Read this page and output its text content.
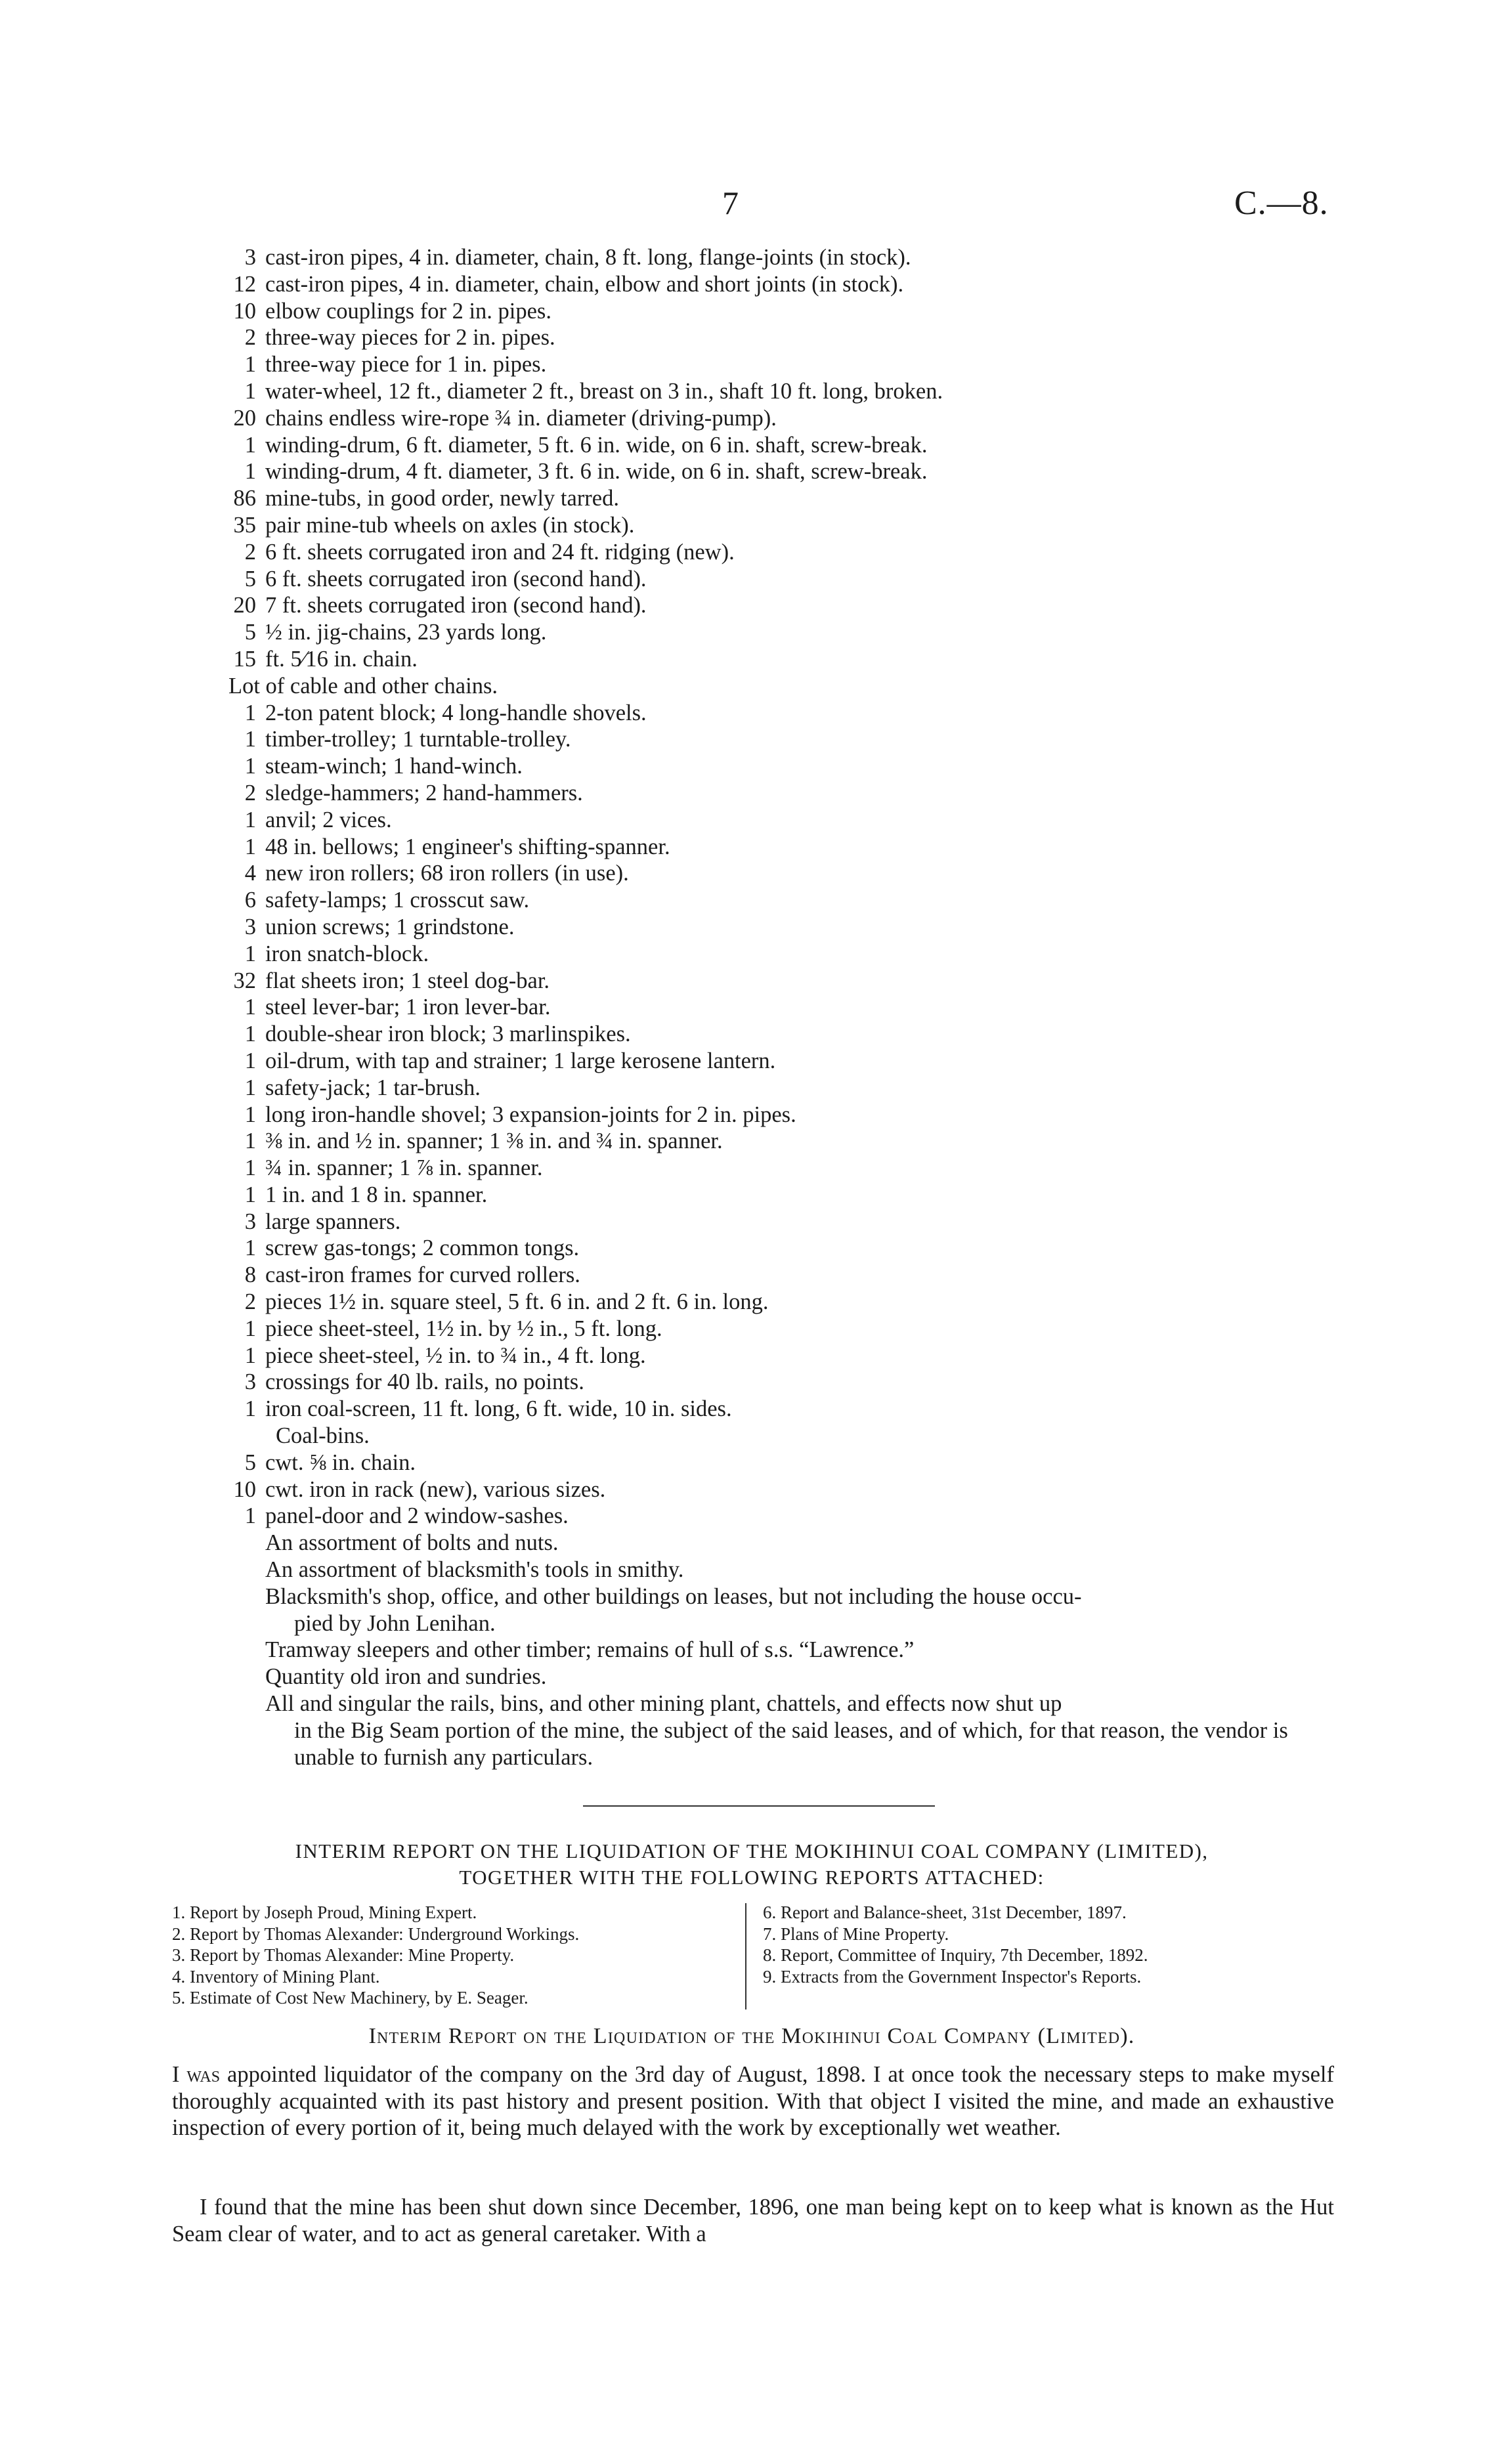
7	C.—8.
3 cast-iron pipes, 4 in. diameter, chain, 8 ft. long, flange-joints (in stock).
12 cast-iron pipes, 4 in. diameter, chain, elbow and short joints (in stock).
10 elbow couplings for 2 in. pipes.
2 three-way pieces for 2 in. pipes.
1 three-way piece for 1 in. pipes.
1 water-wheel, 12 ft., diameter 2 ft., breast on 3 in., shaft 10 ft. long, broken.
20 chains endless wire-rope ¾ in. diameter (driving-pump).
1 winding-drum, 6 ft. diameter, 5 ft. 6 in. wide, on 6 in. shaft, screw-break.
1 winding-drum, 4 ft. diameter, 3 ft. 6 in. wide, on 6 in. shaft, screw-break.
86 mine-tubs, in good order, newly tarred.
35 pair mine-tub wheels on axles (in stock).
2 6 ft. sheets corrugated iron and 24 ft. ridging (new).
5 6 ft. sheets corrugated iron (second hand).
20 7 ft. sheets corrugated iron (second hand).
5 ½ in. jig-chains, 23 yards long.
15 ft. 5⁄16 in. chain.
Lot of cable and other chains.
1 2-ton patent block; 4 long-handle shovels.
1 timber-trolley; 1 turntable-trolley.
1 steam-winch; 1 hand-winch.
2 sledge-hammers; 2 hand-hammers.
1 anvil; 2 vices.
1 48 in. bellows; 1 engineer's shifting-spanner.
4 new iron rollers; 68 iron rollers (in use).
6 safety-lamps; 1 crosscut saw.
3 union screws; 1 grindstone.
1 iron snatch-block.
32 flat sheets iron; 1 steel dog-bar.
1 steel lever-bar; 1 iron lever-bar.
1 double-shear iron block; 3 marlinspikes.
1 oil-drum, with tap and strainer; 1 large kerosene lantern.
1 safety-jack; 1 tar-brush.
1 long iron-handle shovel; 3 expansion-joints for 2 in. pipes.
1 ⅜ in. and ½ in. spanner; 1 ⅜ in. and ¾ in. spanner.
1 ¾ in. spanner; 1 ⅞ in. spanner.
1 1 in. and 1 8 in. spanner.
3 large spanners.
1 screw gas-tongs; 2 common tongs.
8 cast-iron frames for curved rollers.
2 pieces 1½ in. square steel, 5 ft. 6 in. and 2 ft. 6 in. long.
1 piece sheet-steel, 1½ in. by ½ in., 5 ft. long.
1 piece sheet-steel, ½ in. to ¾ in., 4 ft. long.
3 crossings for 40 lb. rails, no points.
1 iron coal-screen, 11 ft. long, 6 ft. wide, 10 in. sides.
Coal-bins.
5 cwt. ⅝ in. chain.
10 cwt. iron in rack (new), various sizes.
1 panel-door and 2 window-sashes.
An assortment of bolts and nuts.
An assortment of blacksmith's tools in smithy.
Blacksmith's shop, office, and other buildings on leases, but not including the house occu-
pied by John Lenihan.
Tramway sleepers and other timber; remains of hull of s.s. “Lawrence.”
Quantity old iron and sundries.
All and singular the rails, bins, and other mining plant, chattels, and effects now shut up
in the Big Seam portion of the mine, the subject of the said leases, and of which, for that reason, the vendor is unable to furnish any particulars.
INTERIM REPORT ON THE LIQUIDATION OF THE MOKIHINUI COAL COMPANY (LIMITED),
TOGETHER WITH THE FOLLOWING REPORTS ATTACHED:
1. Report by Joseph Proud, Mining Expert.
2. Report by Thomas Alexander: Underground Workings.
3. Report by Thomas Alexander: Mine Property.
4. Inventory of Mining Plant.
5. Estimate of Cost New Machinery, by E. Seager.
6. Report and Balance-sheet, 31st December, 1897.
7. Plans of Mine Property.
8. Report, Committee of Inquiry, 7th December, 1892.
9. Extracts from the Government Inspector's Reports.
Interim Report on the Liquidation of the Mokihinui Coal Company (Limited).
I was appointed liquidator of the company on the 3rd day of August, 1898. I at once took the necessary steps to make myself thoroughly acquainted with its past history and present position. With that object I visited the mine, and made an exhaustive inspection of every portion of it, being much delayed with the work by exceptionally wet weather.
I found that the mine has been shut down since December, 1896, one man being kept on to keep what is known as the Hut Seam clear of water, and to act as general caretaker. With a
